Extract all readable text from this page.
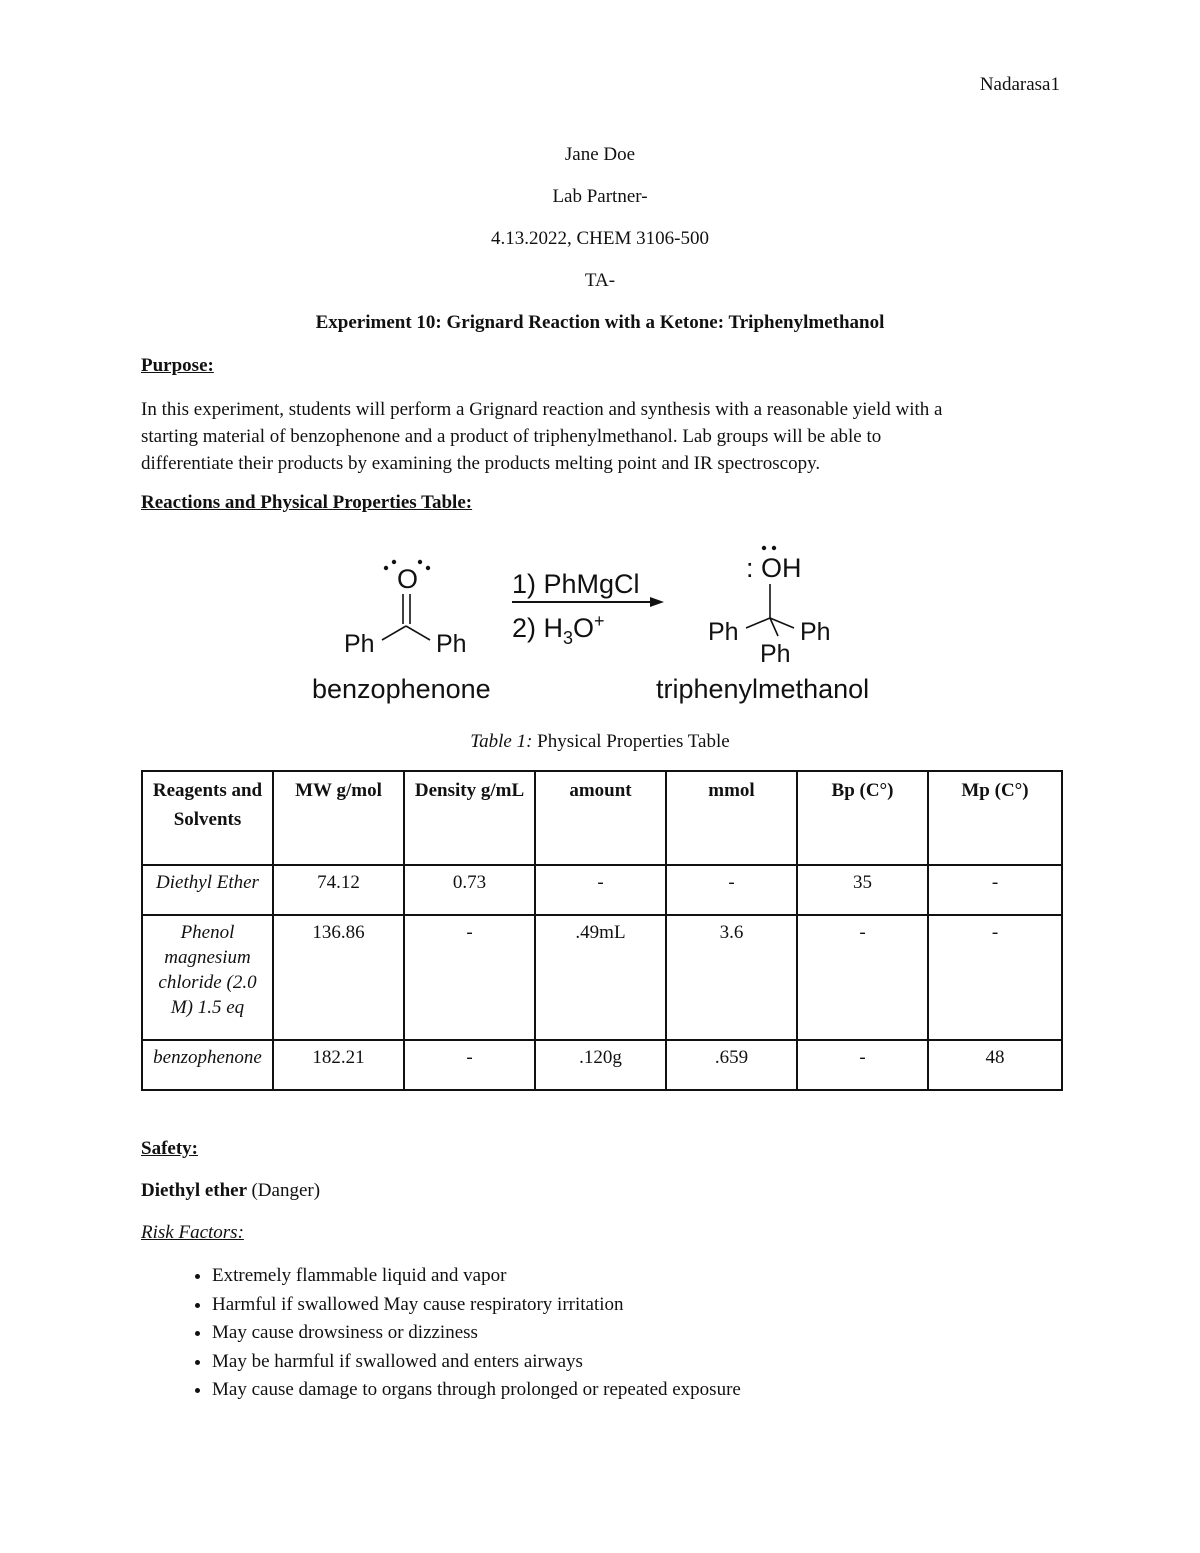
Nadarasa1
Jane Doe
Lab Partner-
4.13.2022, CHEM 3106-500
TA-
Experiment 10: Grignard Reaction with a Ketone: Triphenylmethanol
Purpose:
In this experiment, students will perform a Grignard reaction and synthesis with a reasonable yield with a
starting material of benzophenone and a product of triphenylmethanol. Lab groups will be able to
differentiate their products by examining the products melting point and IR spectroscopy.
Reactions and Physical Properties Table:
O
Ph Ph
benzophenone
1) PhMgCl
2) $H_3O^+$
: OH
Ph Ph
Ph
triphenylmethanol
Table 1: Physical Properties Table
Reagents and Solvents	MW g/mol	Density g/mL	amount	mmol	Bp (C°)	Mp (C°)
Diethyl Ether	74.12	0.73	-	-	35	-
Phenol magnesium chloride (2.0 M) 1.5 eq	136.86	-	.49mL	3.6	-	-
benzophenone	182.21	-	.120g	.659	-	48
Safety:
Diethyl ether (Danger)
Risk Factors:
• Extremely flammable liquid and vapor
• Harmful if swallowed May cause respiratory irritation
• May cause drowsiness or dizziness
• May be harmful if swallowed and enters airways
• May cause damage to organs through prolonged or repeated exposure
